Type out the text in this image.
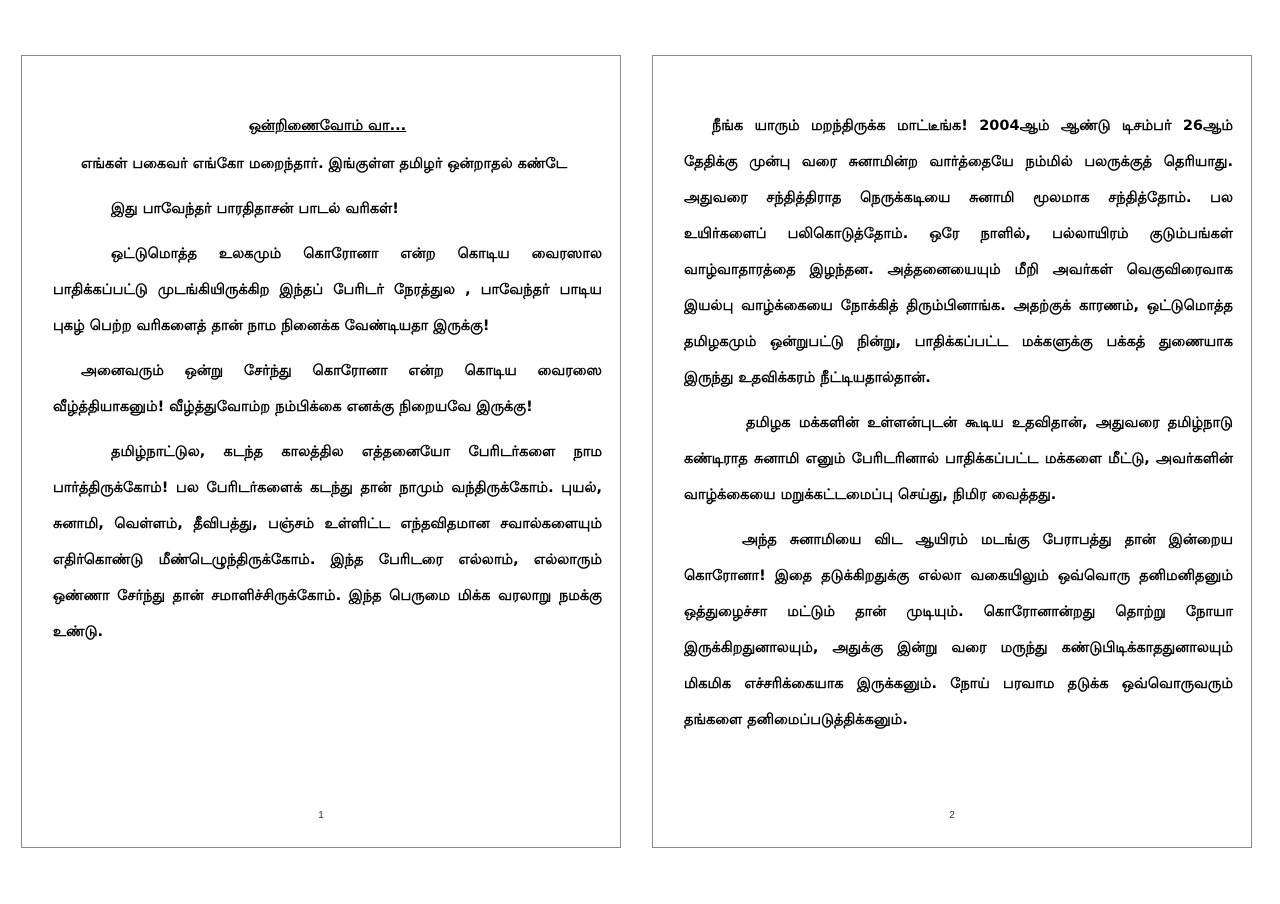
ஒன்றிணைவோம் வா...

எங்கள் பகைவர் எங்கோ மறைந்தார். இங்குள்ள தமிழர் ஒன்றாதல் கண்டே

இது பாவேந்தர் பாரதிதாசன் பாடல் வரிகள்!

ஒட்டுமொத்த உலகமும் கொரோனா என்ற கொடிய வைரஸால பாதிக்கப்பட்டு முடங்கியிருக்கிற இந்தப் பேரிடர் நேரத்துல , பாவேந்தர் பாடிய புகழ் பெற்ற வரிகளைத் தான் நாம நினைக்க வேண்டியதா இருக்கு!

அனைவரும் ஒன்று சேர்ந்து கொரோனா என்ற கொடிய வைரஸை வீழ்த்தியாகனும்! வீழ்த்துவோம்ற நம்பிக்கை எனக்கு நிறையவே இருக்கு!

தமிழ்நாட்டுல, கடந்த காலத்தில எத்தனையோ பேரிடர்களை நாம பார்த்திருக்கோம்! பல பேரிடர்களைக் கடந்து தான் நாமும் வந்திருக்கோம். புயல், சுனாமி, வெள்ளம், தீவிபத்து, பஞ்சம் உள்ளிட்ட எந்தவிதமான சவால்களையும் எதிர்கொண்டு மீண்டெழுந்திருக்கோம். இந்த பேரிடரை எல்லாம், எல்லாரும் ஒண்ணா சேர்ந்து தான் சமாளிச்சிருக்கோம். இந்த பெருமை மிக்க வரலாறு நமக்கு உண்டு.

1

நீங்க யாரும் மறந்திருக்க மாட்டீங்க! 2004ஆம் ஆண்டு டிசம்பர் 26ஆம் தேதிக்கு முன்பு வரை சுனாமின்ற வார்த்தையே நம்மில் பலருக்குத் தெரியாது. அதுவரை சந்தித்திராத நெருக்கடியை சுனாமி மூலமாக சந்தித்தோம். பல உயிர்களைப் பலிகொடுத்தோம். ஒரே நாளில், பல்லாயிரம் குடும்பங்கள் வாழ்வாதாரத்தை இழந்தன. அத்தனையையும் மீறி அவர்கள் வெகுவிரைவாக இயல்பு வாழ்க்கையை நோக்கித் திரும்பினாங்க. அதற்குக் காரணம், ஒட்டுமொத்த தமிழகமும் ஒன்றுபட்டு நின்று, பாதிக்கப்பட்ட மக்களுக்கு பக்கத் துணையாக இருந்து உதவிக்கரம் நீட்டியதால்தான்.

தமிழக மக்களின் உள்ளன்புடன் கூடிய உதவிதான், அதுவரை தமிழ்நாடு கண்டிராத சுனாமி எனும் பேரிடரினால் பாதிக்கப்பட்ட மக்களை மீட்டு, அவர்களின் வாழ்க்கையை மறுக்கட்டமைப்பு செய்து, நிமிர வைத்தது.

அந்த சுனாமியை விட ஆயிரம் மடங்கு பேராபத்து தான் இன்றைய கொரோனா! இதை தடுக்கிறதுக்கு எல்லா வகையிலும் ஒவ்வொரு தனிமனிதனும் ஒத்துழைச்சா மட்டும் தான் முடியும். கொரோனான்றது தொற்று நோயா இருக்கிறதுனாலயும், அதுக்கு இன்று வரை மருந்து கண்டுபிடிக்காததுனாலயும் மிகமிக எச்சரிக்கையாக இருக்கனும். நோய் பரவாம தடுக்க ஒவ்வொருவரும் தங்களை தனிமைப்படுத்திக்கனும்.

2
